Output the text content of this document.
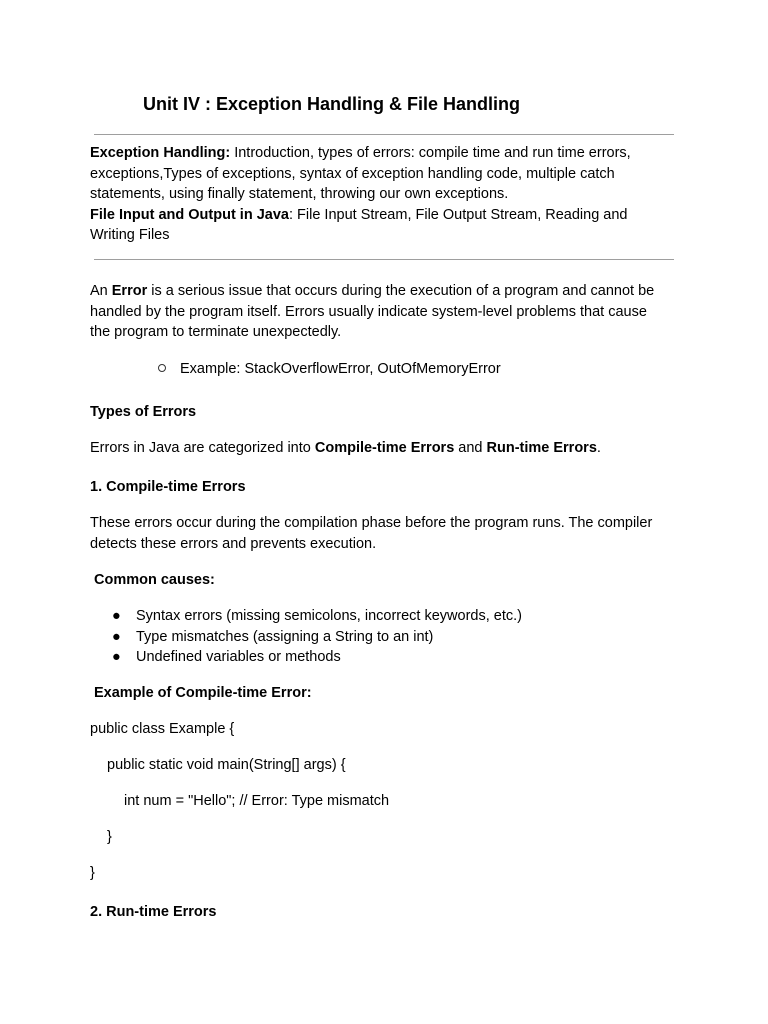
Unit IV : Exception Handling & File Handling
Exception Handling: Introduction, types of errors: compile time and run time errors,
exceptions,Types of exceptions, syntax of exception handling code, multiple catch
statements, using finally statement, throwing our own exceptions.
File Input and Output in Java: File Input Stream, File Output Stream, Reading and
Writing Files
An Error is a serious issue that occurs during the execution of a program and cannot be
handled by the program itself. Errors usually indicate system-level problems that cause
the program to terminate unexpectedly.
Example: StackOverflowError, OutOfMemoryError
Types of Errors
Errors in Java are categorized into Compile-time Errors and Run-time Errors.
1. Compile-time Errors
These errors occur during the compilation phase before the program runs. The compiler
detects these errors and prevents execution.
Common causes:
● Syntax errors (missing semicolons, incorrect keywords, etc.)
● Type mismatches (assigning a String to an int)
● Undefined variables or methods
Example of Compile-time Error:
public class Example {
public static void main(String[] args) {
int num = "Hello"; // Error: Type mismatch
}
}
2. Run-time Errors
